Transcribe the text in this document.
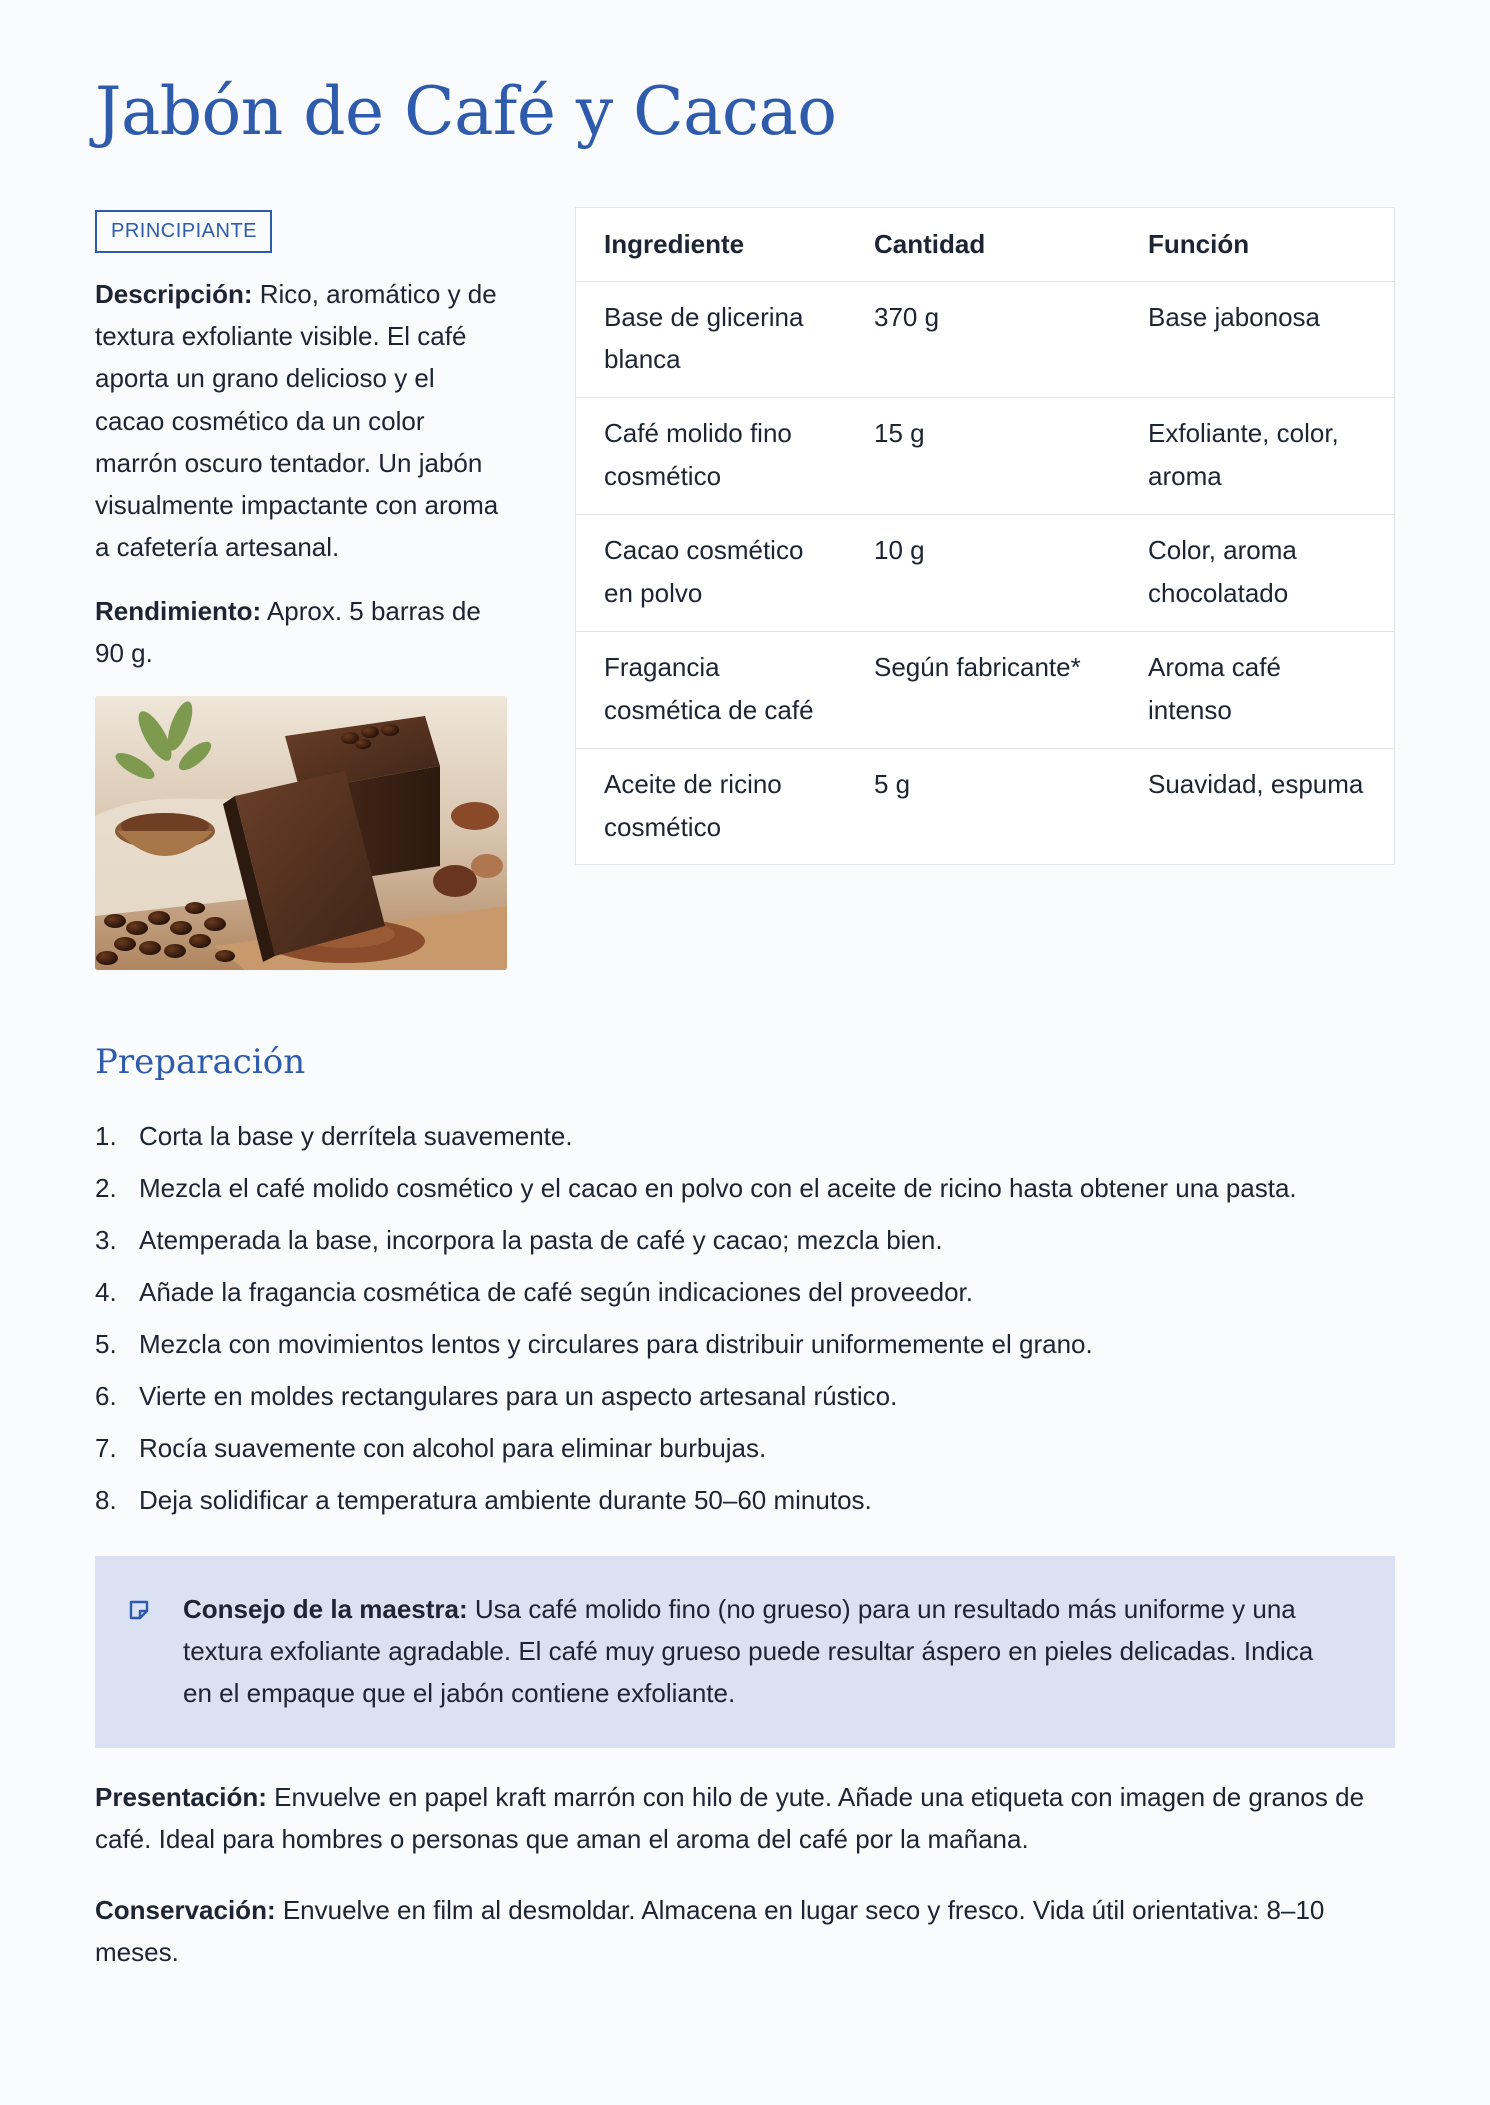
Jabón de Café y Cacao
PRINCIPIANTE

Descripción: Rico, aromático y de textura exfoliante visible. El café aporta un grano delicioso y el cacao cosmético da un color marrón oscuro tentador. Un jabón visualmente impactante con aroma a cafetería artesanal.

Rendimiento: Aprox. 5 barras de 90 g.

Ingrediente	Cantidad	Función
Base de glicerina blanca	370 g	Base jabonosa
Café molido fino cosmético	15 g	Exfoliante, color, aroma
Cacao cosmético en polvo	10 g	Color, aroma chocolatado
Fragancia cosmética de café	Según fabricante*	Aroma café intenso
Aceite de ricino cosmético	5 g	Suavidad, espuma
Preparación
1. Corta la base y derrítela suavemente.
2. Mezcla el café molido cosmético y el cacao en polvo con el aceite de ricino hasta obtener una pasta.
3. Atemperada la base, incorpora la pasta de café y cacao; mezcla bien.
4. Añade la fragancia cosmética de café según indicaciones del proveedor.
5. Mezcla con movimientos lentos y circulares para distribuir uniformemente el grano.
6. Vierte en moldes rectangulares para un aspecto artesanal rústico.
7. Rocía suavemente con alcohol para eliminar burbujas.
8. Deja solidificar a temperatura ambiente durante 50–60 minutos.
Consejo de la maestra: Usa café molido fino (no grueso) para un resultado más uniforme y una textura exfoliante agradable. El café muy grueso puede resultar áspero en pieles delicadas. Indica en el empaque que el jabón contiene exfoliante.

Presentación: Envuelve en papel kraft marrón con hilo de yute. Añade una etiqueta con imagen de granos de café. Ideal para hombres o personas que aman el aroma del café por la mañana.

Conservación: Envuelve en film al desmoldar. Almacena en lugar seco y fresco. Vida útil orientativa: 8–10 meses.
